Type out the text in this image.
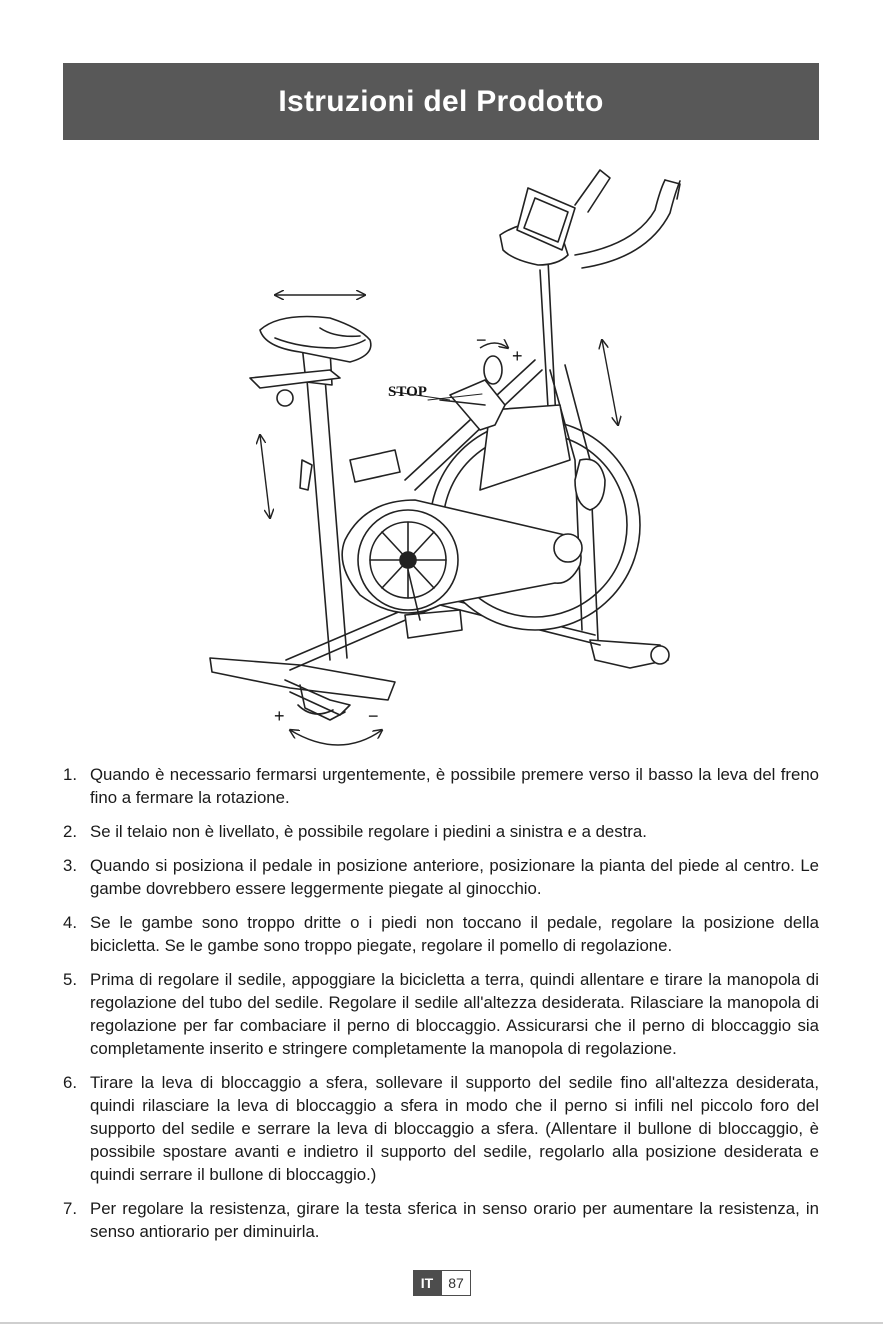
Istruzioni del Prodotto
STOP
−
+
+	−
1. Quando è necessario fermarsi urgentemente, è possibile premere verso il basso la leva del freno fino a fermare la rotazione.
2. Se il telaio non è livellato, è possibile regolare i piedini a sinistra e a destra.
3. Quando si posiziona il pedale in posizione anteriore, posizionare la pianta del piede al centro. Le gambe dovrebbero essere leggermente piegate al ginocchio.
4. Se le gambe sono troppo dritte o i piedi non toccano il pedale, regolare la posizione della bicicletta. Se le gambe sono troppo piegate, regolare il pomello di regolazione.
5. Prima di regolare il sedile, appoggiare la bicicletta a terra, quindi allentare e tirare la manopola di regolazione del tubo del sedile. Regolare il sedile all'altezza desiderata. Rilasciare la manopola di regolazione per far combaciare il perno di bloccaggio. Assicurarsi che il perno di bloccaggio sia completamente inserito e stringere completamente la manopola di regolazione.
6. Tirare la leva di bloccaggio a sfera, sollevare il supporto del sedile fino all'altezza desiderata, quindi rilasciare la leva di bloccaggio a sfera in modo che il perno si infili nel piccolo foro del supporto del sedile e serrare la leva di bloccaggio a sfera. (Allentare il bullone di bloccaggio, è possibile spostare avanti e indietro il supporto del sedile, regolarlo alla posizione desiderata e quindi serrare il bullone di bloccaggio.)
7. Per regolare la resistenza, girare la testa sferica in senso orario per aumentare la resistenza, in senso antiorario per diminuirla.
IT	87
